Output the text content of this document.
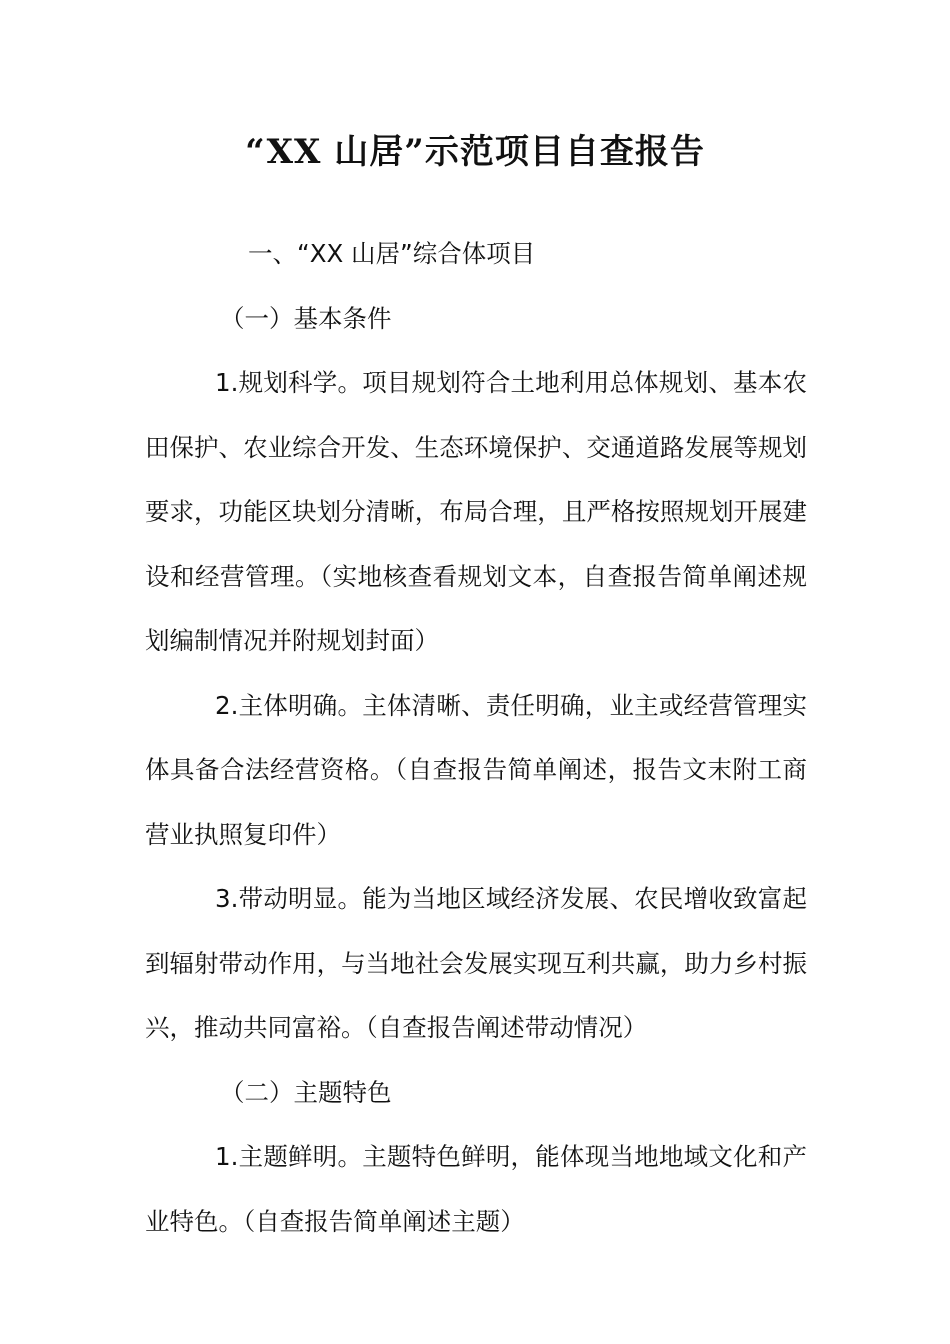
“XX 山居”示范项目自查报告

一、“XX 山居”综合体项目

（一）基本条件

1.规划科学。项目规划符合土地利用总体规划、基本农田保护、农业综合开发、生态环境保护、交通道路发展等规划要求，功能区块划分清晰，布局合理，且严格按照规划开展建设和经营管理。（实地核查看规划文本，自查报告简单阐述规划编制情况并附规划封面）

2.主体明确。主体清晰、责任明确，业主或经营管理实体具备合法经营资格。（自查报告简单阐述，报告文末附工商营业执照复印件）

3.带动明显。能为当地区域经济发展、农民增收致富起到辐射带动作用，与当地社会发展实现互利共赢，助力乡村振兴，推动共同富裕。（自查报告阐述带动情况）

（二）主题特色

1.主题鲜明。主题特色鲜明，能体现当地地域文化和产业特色。（自查报告简单阐述主题）
